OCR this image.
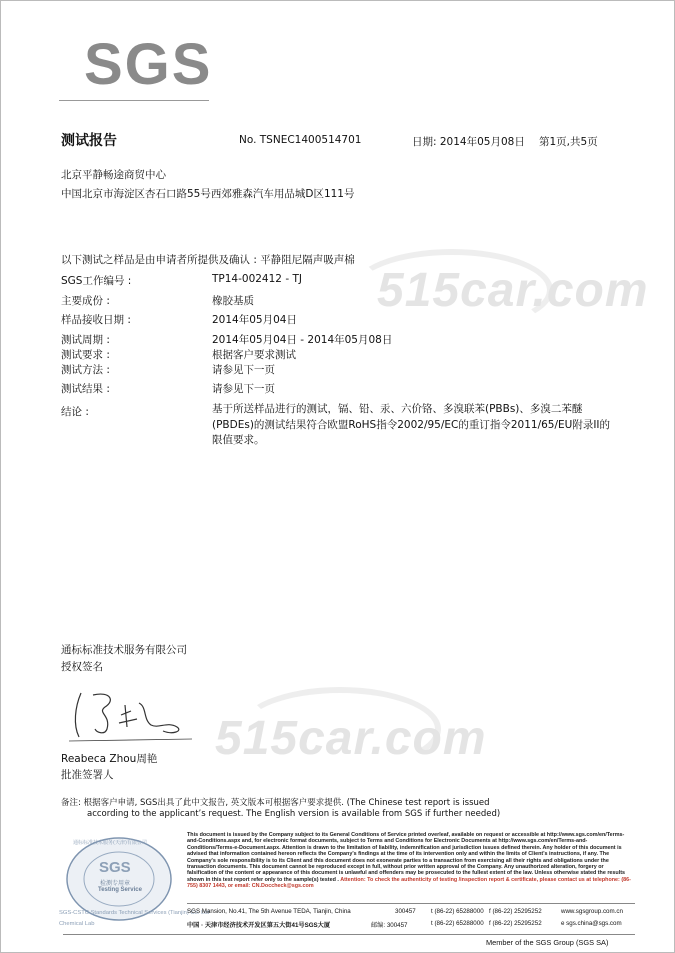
SGS
测试报告	No. TSNEC1400514701	日期: 2014年05月08日 第1页,共5页
北京平静畅途商贸中心
中国北京市海淀区杏石口路55号西郊雅森汽车用品城D区111号
515car.com
以下测试之样品是由申请者所提供及确认 : 平静阻尼隔声吸声棉
SGS工作编号 :	TP14-002412 - TJ
主要成份 :	橡胶基质
样品接收日期 :	2014年05月04日
测试周期 :	2014年05月04日 - 2014年05月08日
测试要求 :	根据客户要求测试
测试方法 :	请参见下一页
测试结果 :	请参见下一页
结论 :	基于所送样品进行的测试，镉、铅、汞、六价铬、多溴联苯(PBBs)、多溴二苯醚(PBDEs)的测试结果符合欧盟RoHS指令2002/95/EC的重订指令2011/65/EU附录II的限值要求。
通标标准技术服务有限公司
授权签名
515car.com
Reabeca Zhou周艳
批准签署人
备注: 根据客户申请, SGS出具了此中文报告, 英文版本可根据客户要求提供. (The Chinese test report is issued
according to the applicant’s request. The English version is available from SGS if further needed)
SGS
检测专用章
Testing Service
通标标准技术服务(天津)有限公司
SGS-CSTC Standards Technical Services (Tianjin) Co. Ltd
Chemical Lab
This document is issued by the Company subject to its General Conditions of Service printed overleaf, available on request or accessible at http://www.sgs.com/en/Terms-and-Conditions.aspx and, for electronic format documents, subject to Terms and Conditions for Electronic Documents at http://www.sgs.com/en/Terms-and-Conditions/Terms-e-Document.aspx. Attention is drawn to the limitation of liability, indemnification and jurisdiction issues defined therein. Any holder of this document is advised that information contained hereon reflects the Company's findings at the time of its intervention only and within the limits of Client's instructions, if any. The Company's sole responsibility is to its Client and this document does not exonerate parties to a transaction from exercising all their rights and obligations under the transaction documents. This document cannot be reproduced except in full, without prior written approval of the Company. Any unauthorized alteration, forgery or falsification of the content or appearance of this document is unlawful and offenders may be prosecuted to the fullest extent of the law. Unless otherwise stated the results shown in this test report refer only to the sample(s) tested . Attention: To check the authenticity of testing /inspection report & certificate, please contact us at telephone: (86-755) 8307 1443, or email: CN.Doccheck@sgs.com
SGS Mansion, No.41, The 5th Avenue TEDA, Tianjin, China	300457 t (86-22) 65288000 f (86-22) 25295252	www.sgsgroup.com.cn
中国 · 天津市经济技术开发区第五大街41号SGS大厦	邮编: 300457	t (86-22) 65288000 f (86-22) 25295252	e sgs.china@sgs.com
Member of the SGS Group (SGS SA)
